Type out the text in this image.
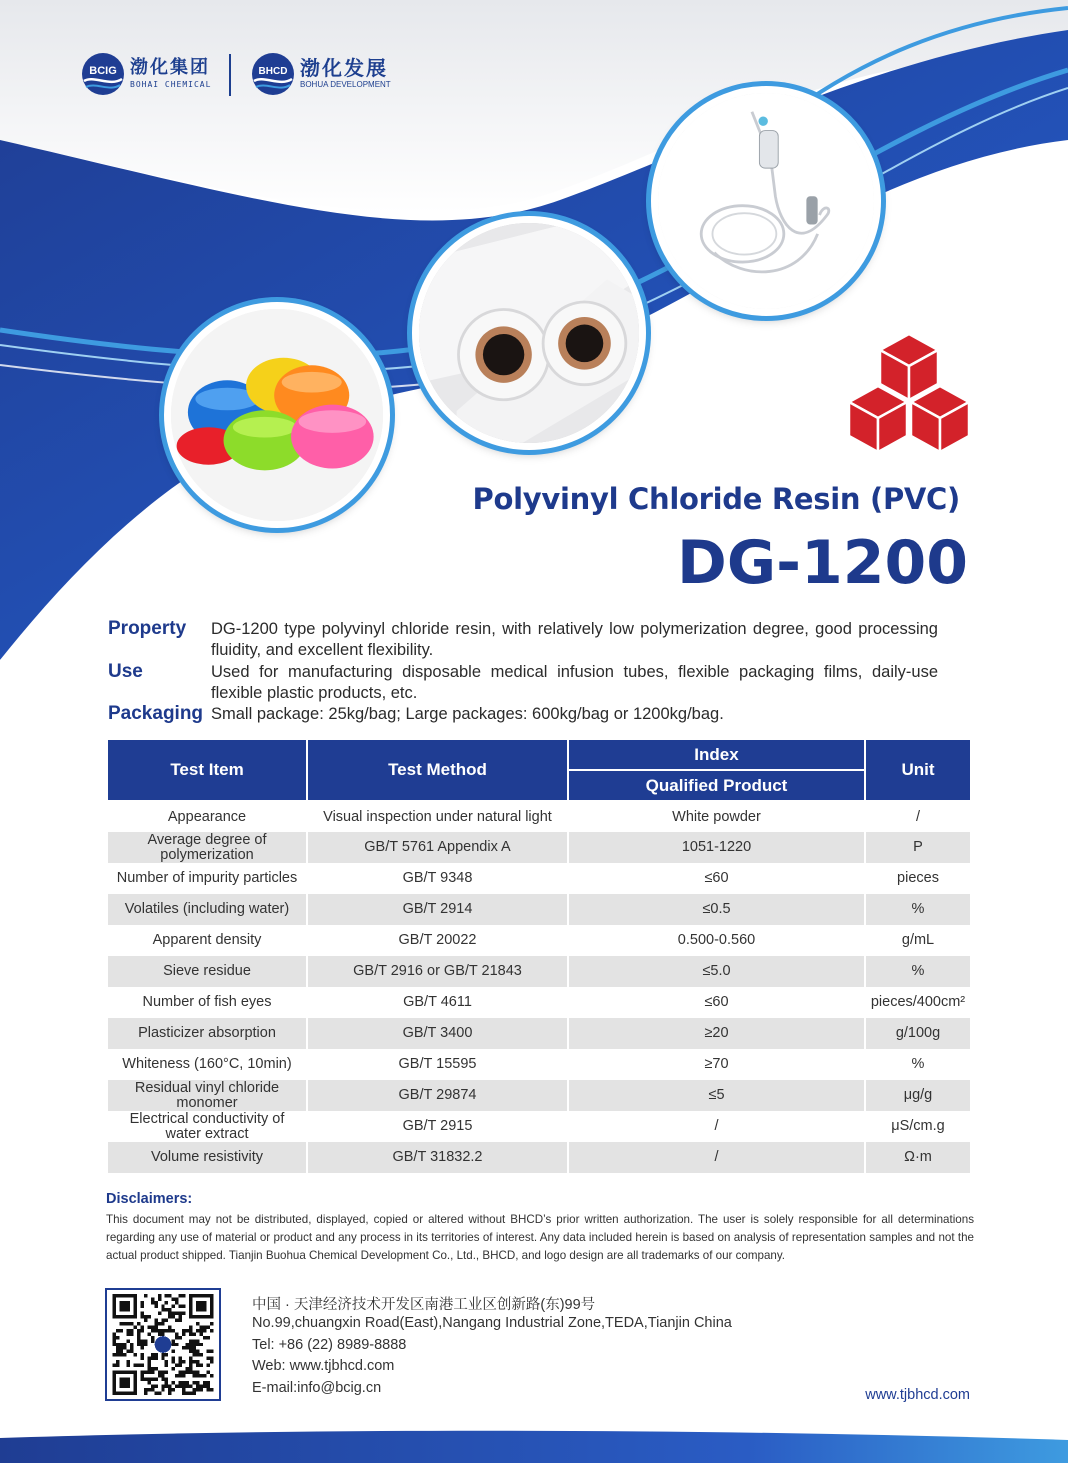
BCIG 渤化集团
BOHAI CHEMICAL
BHCD 渤化发展
BOHUA DEVELOPMENT
Polyvinyl Chloride Resin (PVC)
DG-1200
Property DG-1200 type polyvinyl chloride resin, with relatively low polymerization degree, good processing fluidity, and excellent flexibility.

Use	Used for manufacturing disposable medical infusion tubes, flexible packaging films, daily-use flexible plastic products, etc.

Packaging Small package: 25kg/bag; Large packages: 600kg/bag or 1200kg/bag.

Test Item	Test Method	Index	Unit
		Qualified Product	
Appearance	Visual inspection under natural light	White powder	/
Average degree of polymerization	GB/T 5761 Appendix A	1051-1220	P
Number of impurity particles	GB/T 9348	≤60	pieces
Volatiles (including water)	GB/T 2914	≤0.5	%
Apparent density	GB/T 20022	0.500-0.560	g/mL
Sieve residue	GB/T 2916 or GB/T 21843	≤5.0	%
Number of fish eyes	GB/T 4611	≤60	pieces/400cm²
Plasticizer absorption	GB/T 3400	≥20	g/100g
Whiteness (160°C, 10min)	GB/T 15595	≥70	%
Residual vinyl chloride monomer	GB/T 29874	≤5	μg/g
Electrical conductivity of water extract	GB/T 2915	/	μS/cm.g
Volume resistivity	GB/T 31832.2	/	Ω·m
Disclaimers:

This document may not be distributed, displayed, copied or altered without BHCD’s prior written authorization. The user is solely responsible for all determinations regarding any use of material or product and any process in its territories of interest. Any data included herein is based on analysis of representation samples and not the actual product shipped. Tianjin Buohua Chemical Development Co., Ltd., BHCD, and logo design are all trademarks of our company.

中国 · 天津经济技术开发区南港工业区创新路(东)99号
No.99,chuangxin Road(East),Nangang Industrial Zone,TEDA,Tianjin China
Tel: +86 (22) 8989-8888
Web: www.tjbhcd.com
E-mail:info@bcig.cn	www.tjbhcd.com
